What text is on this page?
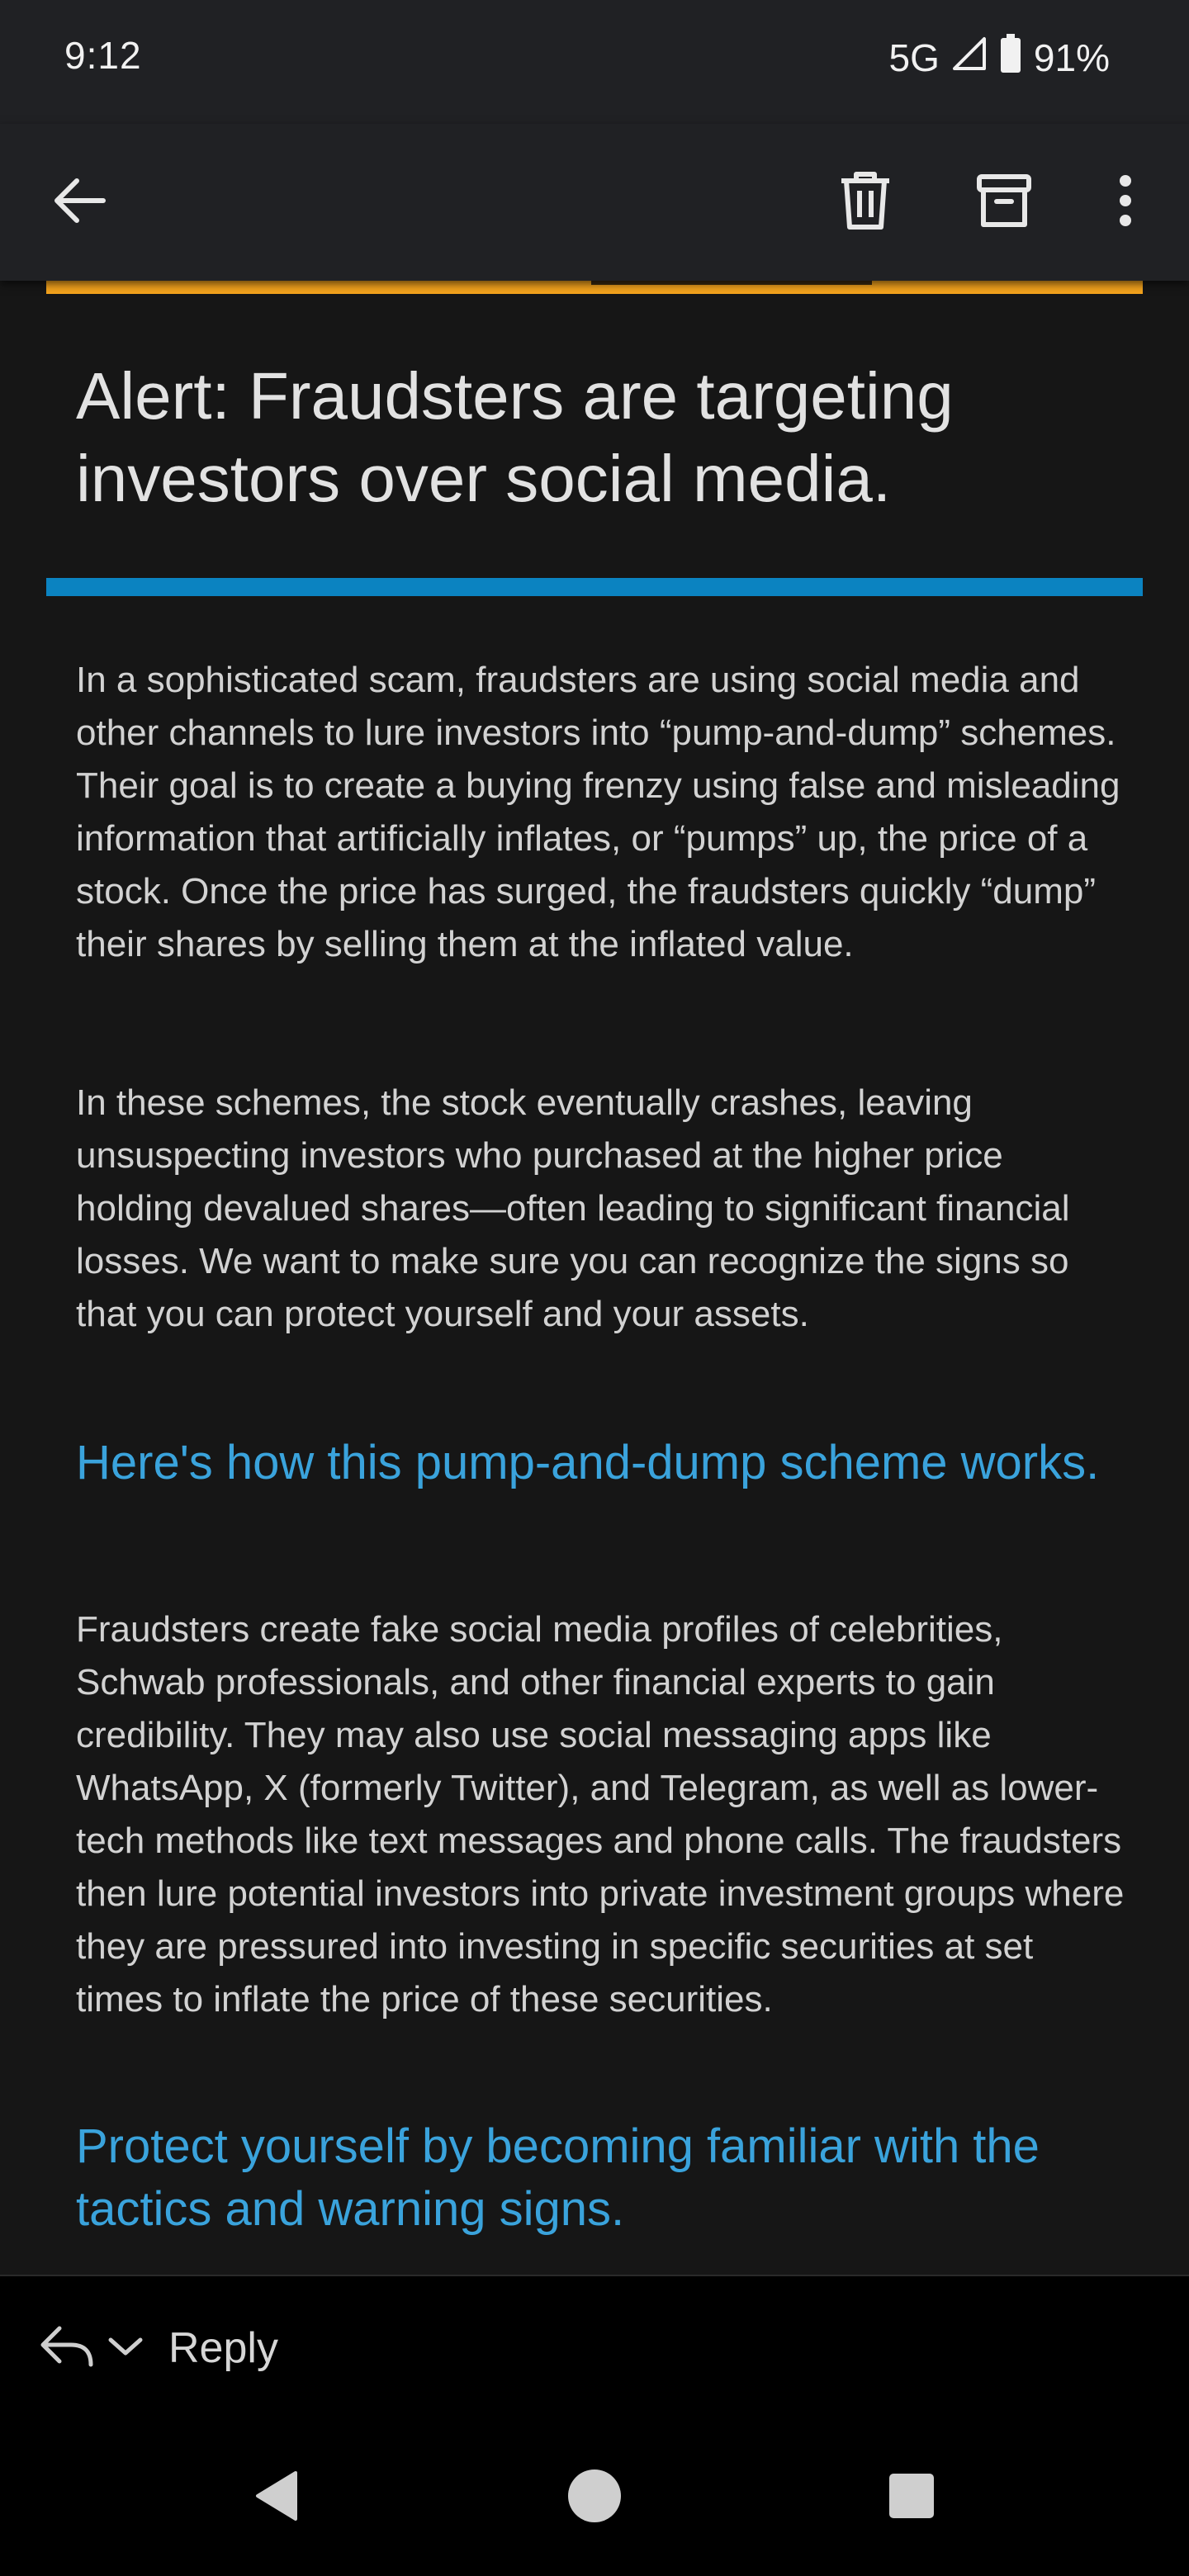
9:12	5G 91%
Alert: Fraudsters are targeting investors over social media.

In a sophisticated scam, fraudsters are using social media and other channels to lure investors into “pump-and-dump” schemes. Their goal is to create a buying frenzy using false and misleading information that artificially inflates, or “pumps” up, the price of a stock. Once the price has surged, the fraudsters quickly “dump” their shares by selling them at the inflated value.

In these schemes, the stock eventually crashes, leaving unsuspecting investors who purchased at the higher price holding devalued shares—often leading to significant financial losses. We want to make sure you can recognize the signs so that you can protect yourself and your assets.

Here's how this pump-and-dump scheme works.

Fraudsters create fake social media profiles of celebrities, Schwab professionals, and other financial experts to gain credibility. They may also use social messaging apps like WhatsApp, X (formerly Twitter), and Telegram, as well as lower-tech methods like text messages and phone calls. The fraudsters then lure potential investors into private investment groups where they are pressured into investing in specific securities at set times to inflate the price of these securities.

Protect yourself by becoming familiar with the tactics and warning signs.
Reply
